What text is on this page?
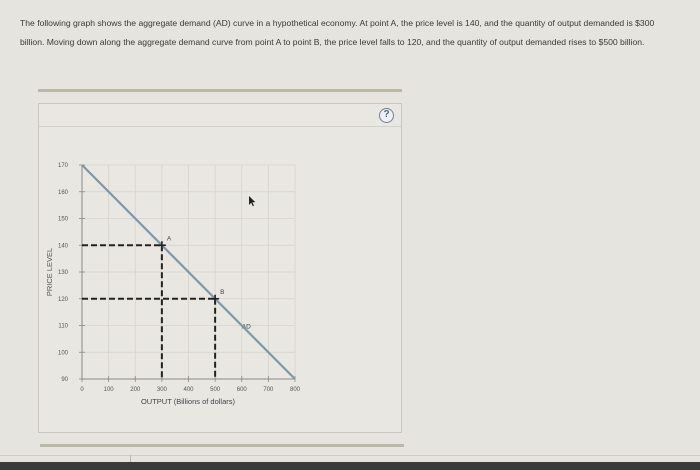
The following graph shows the aggregate demand (AD) curve in a hypothetical economy. At point A, the price level is 140, and the quantity of output demanded is $300 billion. Moving down along the aggregate demand curve from point A to point B, the price level falls to 120, and the quantity of output demanded rises to $500 billion.
?
0	100	200	300	400	500	600	700	800
170
160
150
140
130
120
110
100
90
AD
A
B
PRICE LEVEL
OUTPUT (Billions of dollars)
